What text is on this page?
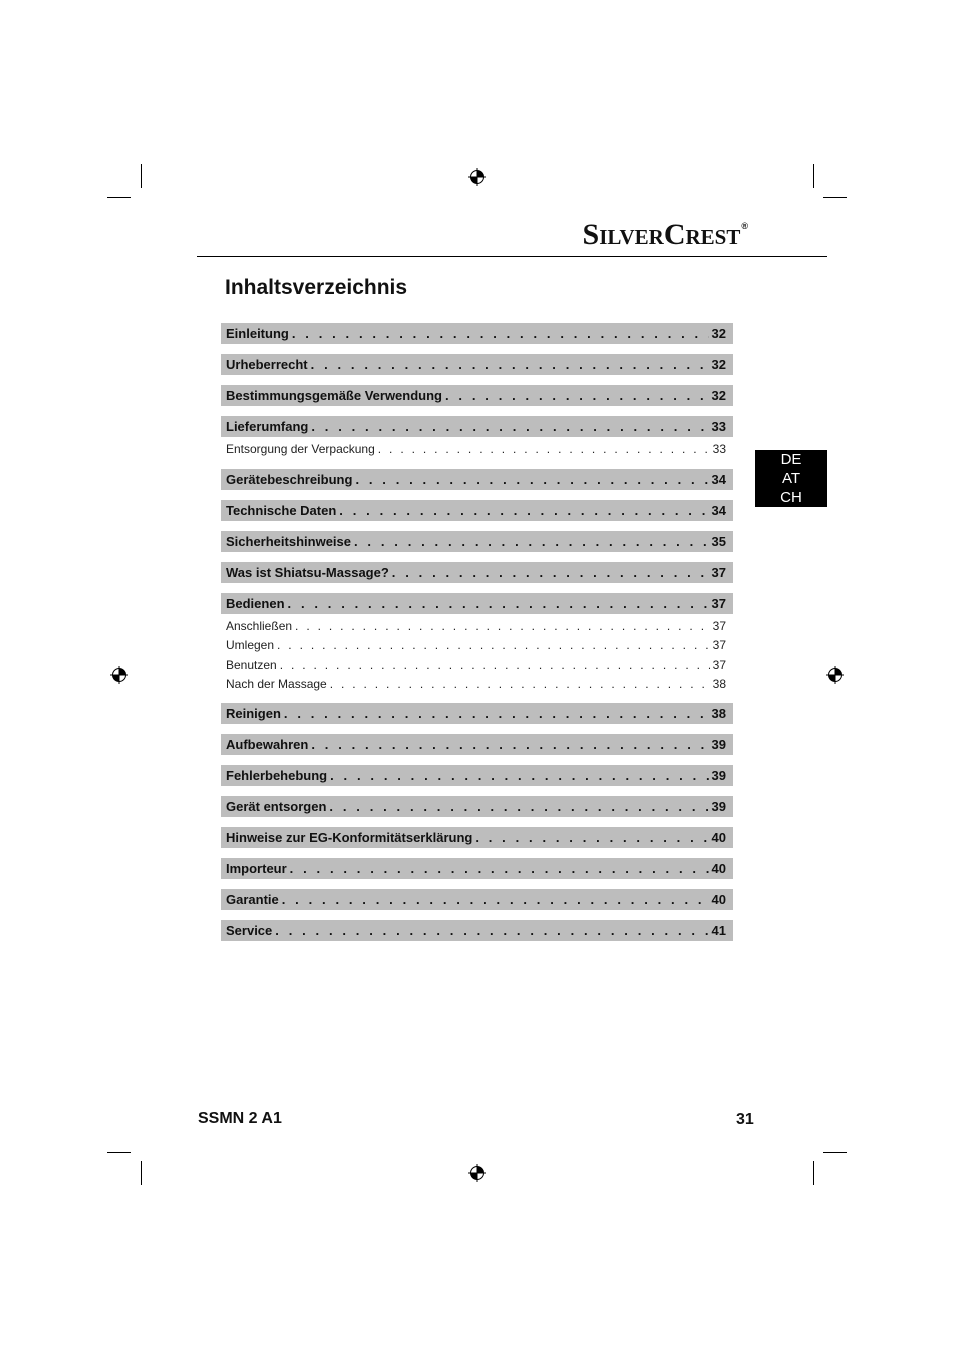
SILVERCREST®
Inhaltsverzeichnis
DE
AT
CH
Einleitung . . .	32
Urheberrecht . . .	32
Bestimmungsgemäße Verwendung . . .	32
Lieferumfang . . .	33
Entsorgung der Verpackung . . .	33
Gerätebeschreibung . . .	34
Technische Daten . . .	34
Sicherheitshinweise . . .	35
Was ist Shiatsu-Massage? . . .	37
Bedienen . . .	37
Anschließen . . .	37
Umlegen . . .	37
Benutzen . . .	37
Nach der Massage . . .	38
Reinigen . . .	38
Aufbewahren . . .	39
Fehlerbehebung . . .	39
Gerät entsorgen . . .	39
Hinweise zur EG-Konformitätserklärung . . .	40
Importeur . . .	40
Garantie . . .	40
Service . . .	41
SSMN 2 A1	31
